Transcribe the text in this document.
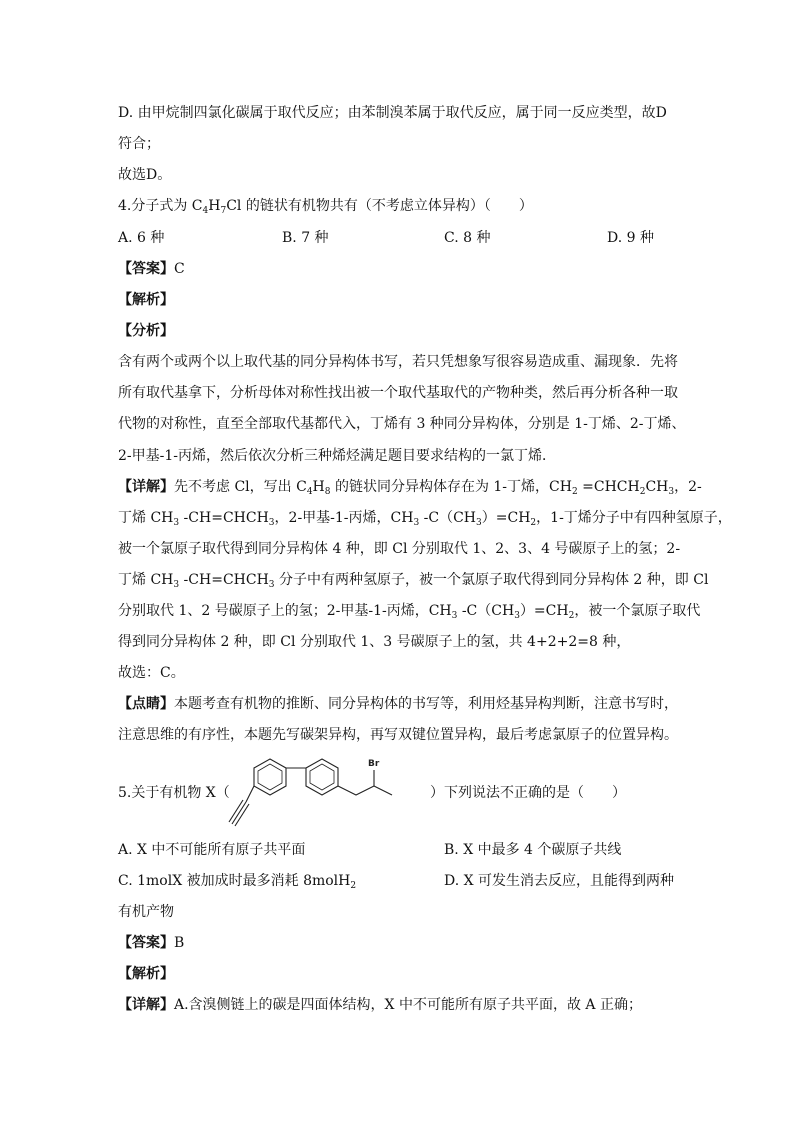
D. 由甲烷制四氯化碳属于取代反应；由苯制溴苯属于取代反应，属于同一反应类型，故D
符合；
故选D。
4.分子式为 $C_4H_7Cl$ 的链状有机物共有（不考虑立体异构）（　　）
A. 6 种	B. 7 种	C. 8 种	D. 9 种
【答案】C
【解析】
【分析】
含有两个或两个以上取代基的同分异构体书写，若只凭想象写很容易造成重、漏现象．先将
所有取代基拿下，分析母体对称性找出被一个取代基取代的产物种类，然后再分析各种一取
代物的对称性，直至全部取代基都代入，丁烯有 3 种同分异构体，分别是 1-丁烯、2-丁烯、
2-甲基-1-丙烯，然后依次分析三种烯烃满足题目要求结构的一氯丁烯．
【详解】先不考虑 Cl，写出 $C_4H_8$ 的链状同分异构体存在为 1-丁烯，$CH_2$ $=CHCH_2CH_3$，2-
丁烯 $CH_3$ $-CH=CHCH_3$，2-甲基-1-丙烯，$CH_3$ $-C(CH_3)=CH_2$，1-丁烯分子中有四种氢原子，
被一个氯原子取代得到同分异构体 4 种，即 Cl 分别取代 1、2、3、4 号碳原子上的氢；2-
丁烯 $CH_3$ $-CH=CHCH_3$ 分子中有两种氢原子，被一个氯原子取代得到同分异构体 2 种，即 Cl
分别取代 1、2 号碳原子上的氢；2-甲基-1-丙烯，$CH_3$ $-C(CH_3)=CH_2$，被一个氯原子取代
得到同分异构体 2 种，即 Cl 分别取代 1、3 号碳原子上的氢，共 4+2+2=8 种，
故选：C。
【点睛】本题考查有机物的推断、同分异构体的书写等，利用烃基异构判断，注意书写时，
注意思维的有序性，本题先写碳架异构，再写双键位置异构，最后考虑氯原子的位置异构。
5.关于有机物 X（
Br
）下列说法不正确的是（　　）
A. X 中不可能所有原子共平面	B. X 中最多 4 个碳原子共线
C. 1molX 被加成时最多消耗 8molH$_2$	D. X 可发生消去反应，且能得到两种
有机产物
【答案】B
【解析】
【详解】A.含溴侧链上的碳是四面体结构，X 中不可能所有原子共平面，故 A 正确；
